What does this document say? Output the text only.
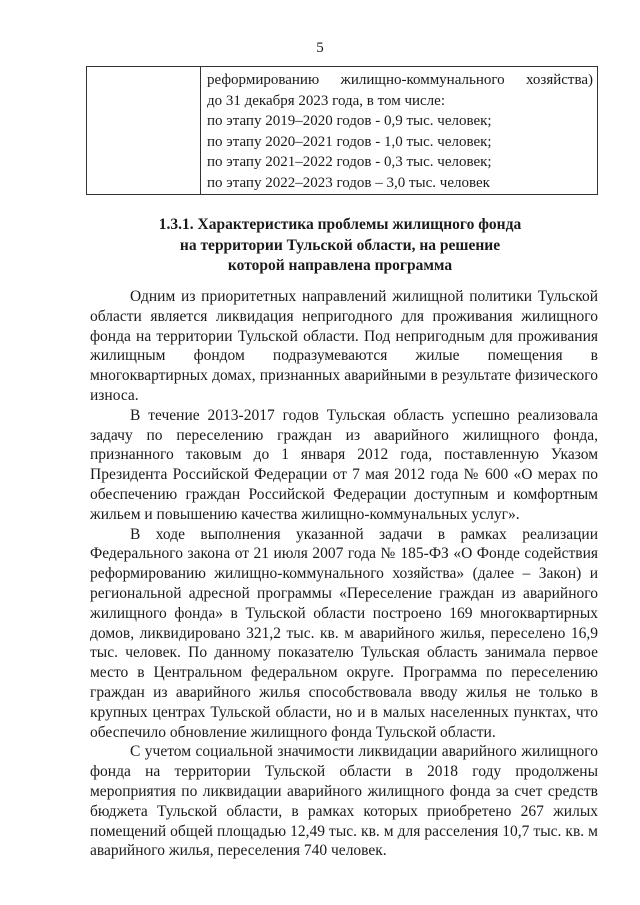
5
реформированию жилищно-коммунального хозяйства)
до 31 декабря 2023 года, в том числе:
по этапу 2019–2020 годов - 0,9 тыс. человек;
по этапу 2020–2021 годов - 1,0 тыс. человек;
по этапу 2021–2022 годов - 0,3 тыс. человек;
по этапу 2022–2023 годов – 3,0 тыс. человек
1.3.1. Характеристика проблемы жилищного фонда
на территории Тульской области, на решение
которой направлена программа

Одним из приоритетных направлений жилищной политики Тульской области является ликвидация непригодного для проживания жилищного фонда на территории Тульской области. Под непригодным для проживания жилищным фондом подразумеваются жилые помещения в многоквартирных домах, признанных аварийными в результате физического износа.

В течение 2013-2017 годов Тульская область успешно реализовала задачу по переселению граждан из аварийного жилищного фонда, признанного таковым до 1 января 2012 года, поставленную Указом Президента Российской Федерации от 7 мая 2012 года № 600 «О мерах по обеспечению граждан Российской Федерации доступным и комфортным жильем и повышению качества жилищно-коммунальных услуг».

В ходе выполнения указанной задачи в рамках реализации Федерального закона от 21 июля 2007 года № 185-ФЗ «О Фонде содействия реформированию жилищно-коммунального хозяйства» (далее – Закон) и региональной адресной программы «Переселение граждан из аварийного жилищного фонда» в Тульской области построено 169 многоквартирных домов, ликвидировано 321,2 тыс. кв. м аварийного жилья, переселено 16,9 тыс. человек. По данному показателю Тульская область занимала первое место в Центральном федеральном округе. Программа по переселению граждан из аварийного жилья способствовала вводу жилья не только в крупных центрах Тульской области, но и в малых населенных пунктах, что обеспечило обновление жилищного фонда Тульской области.

С учетом социальной значимости ликвидации аварийного жилищного фонда на территории Тульской области в 2018 году продолжены мероприятия по ликвидации аварийного жилищного фонда за счет средств бюджета Тульской области, в рамках которых приобретено 267 жилых помещений общей площадью 12,49 тыс. кв. м для расселения 10,7 тыс. кв. м аварийного жилья, переселения 740 человек.
